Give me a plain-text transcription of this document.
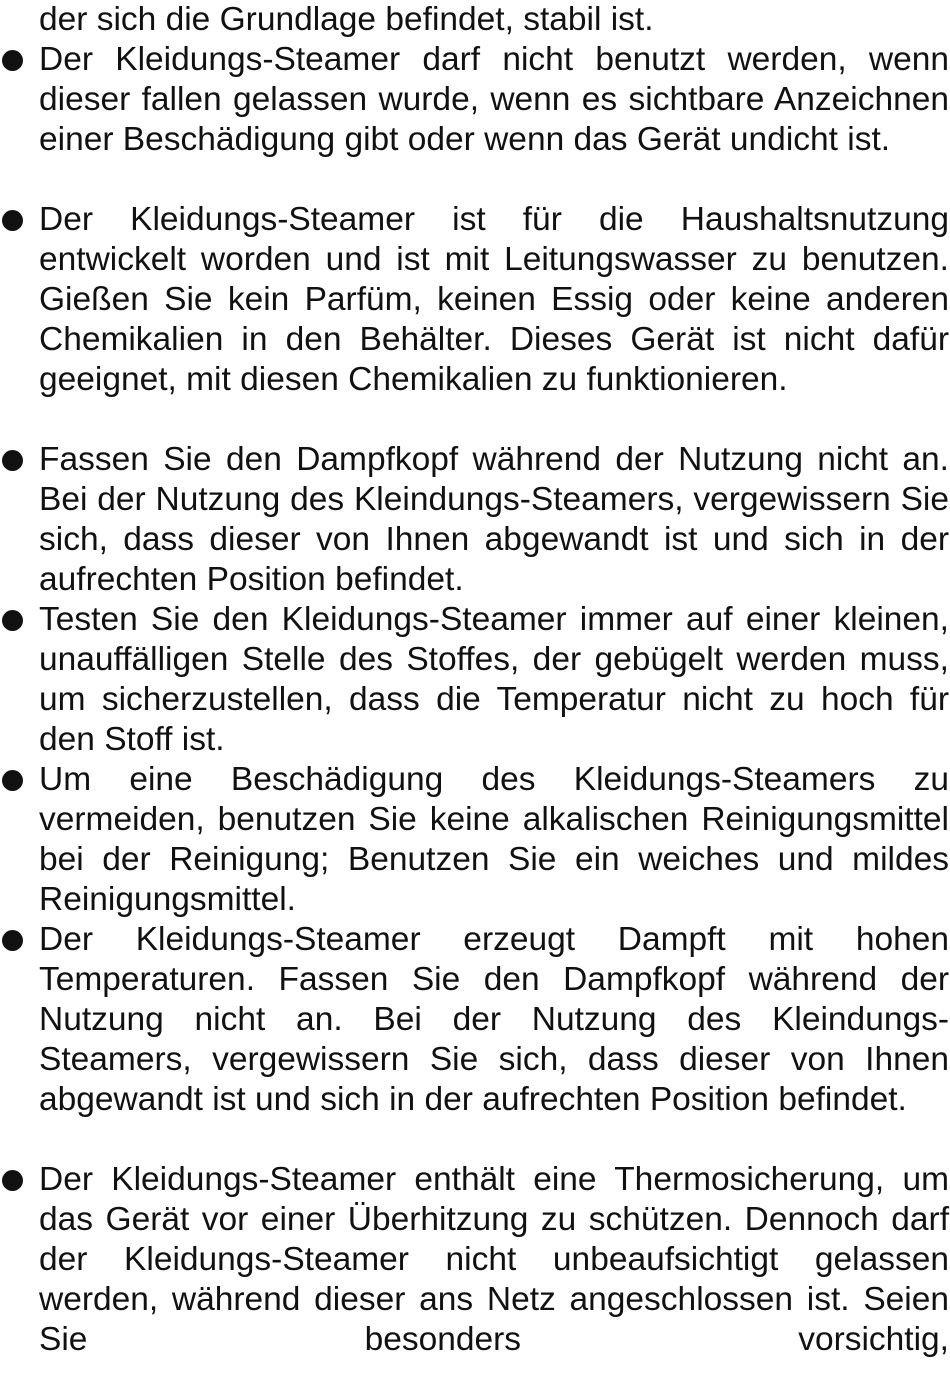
der sich die Grundlage befindet, stabil ist.

Der Kleidungs-Steamer darf nicht benutzt werden, wenn dieser fallen gelassen wurde, wenn es sichtbare Anzeichnen einer Beschädigung gibt oder wenn das Gerät undicht ist.

Der Kleidungs-Steamer ist für die Haushaltsnutzung entwickelt worden und ist mit Leitungswasser zu benutzen. Gießen Sie kein Parfüm, keinen Essig oder keine anderen Chemikalien in den Behälter. Dieses Gerät ist nicht dafür geeignet, mit diesen Chemikalien zu funktionieren.

Fassen Sie den Dampfkopf während der Nutzung nicht an. Bei der Nutzung des Kleindungs-Steamers, vergewissern Sie sich, dass dieser von Ihnen abgewandt ist und sich in der aufrechten Position befindet.

Testen Sie den Kleidungs-Steamer immer auf einer kleinen, unauffälligen Stelle des Stoffes, der gebügelt werden muss, um sicherzustellen, dass die Temperatur nicht zu hoch für den Stoff ist.

Um eine Beschädigung des Kleidungs-Steamers zu vermeiden, benutzen Sie keine alkalischen Reinigungsmittel bei der Reinigung; Benutzen Sie ein weiches und mildes Reinigungsmittel.

Der Kleidungs-Steamer erzeugt Dampft mit hohen Temperaturen. Fassen Sie den Dampfkopf während der Nutzung nicht an. Bei der Nutzung des Kleindungs-Steamers, vergewissern Sie sich, dass dieser von Ihnen abgewandt ist und sich in der aufrechten Position befindet.

Der Kleidungs-Steamer enthält eine Thermosicherung, um das Gerät vor einer Überhitzung zu schützen. Dennoch darf der Kleidungs-Steamer nicht unbeaufsichtigt gelassen werden, während dieser ans Netz angeschlossen ist. Seien Sie besonders vorsichtig,
